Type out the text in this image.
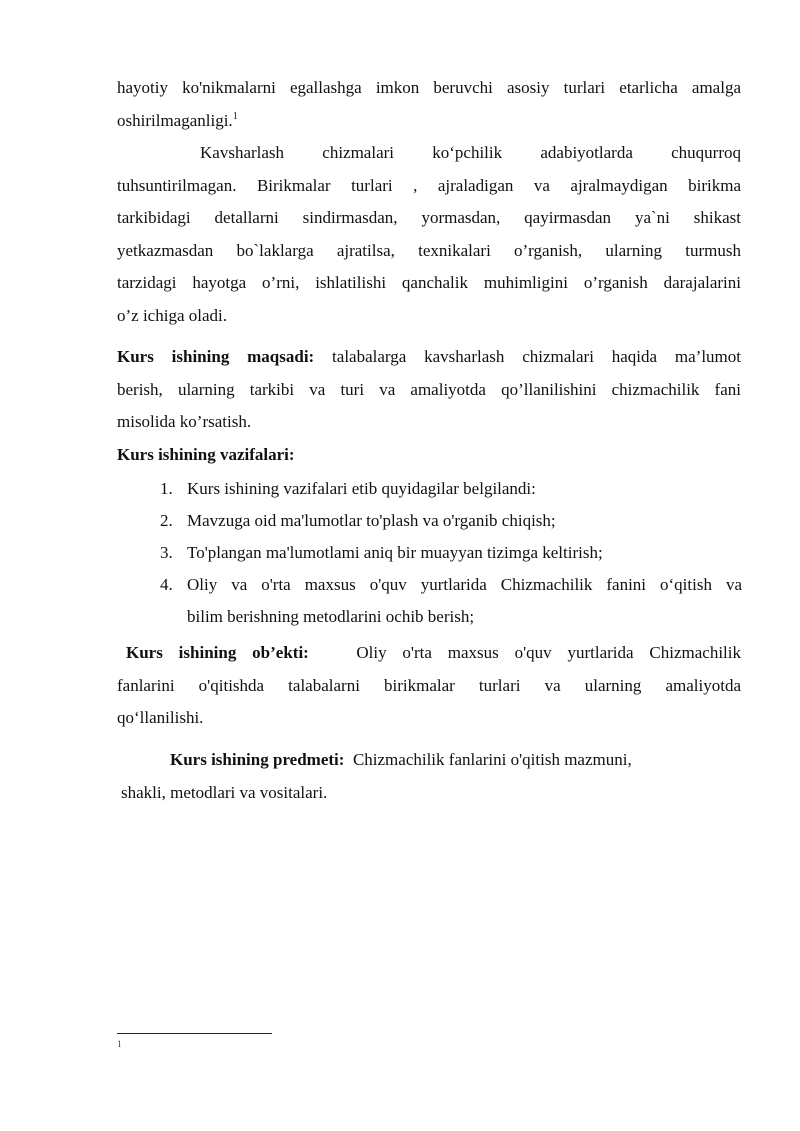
hayotiy ko'nikmalarni egallashga imkon beruvchi asosiy turlari etarlicha amalga
oshirilmaganligi.$^1$
Kavsharlash chizmalari ko‘pchilik adabiyotlarda chuqurroq
tuhsuntirilmagan. Birikmalar turlari , ajraladigan va ajralmaydigan birikma
tarkibidagi detallarni sindirmasdan, yormasdan, qayirmasdan ya`ni shikast
yetkazmasdan bo`laklarga ajratilsa, texnikalari o’rganish, ularning turmush
tarzidagi hayotga o’rni, ishlatilishi qanchalik muhimligini o’rganish darajalarini
o’z ichiga oladi.
Kurs ishining maqsadi: talabalarga kavsharlash chizmalari haqida ma’lumot
berish, ularning tarkibi va turi va amaliyotda qo’llanilishini chizmachilik fani
misolida ko’rsatish.
Kurs ishining vazifalari:
1. Kurs ishining vazifalari etib quyidagilar belgilandi:
2. Mavzuga oid ma'lumotlar to'plash va o'rganib chiqish;
3. To'plangan ma'lumotlami aniq bir muayyan tizimga keltirish;
4. Oliy va o'rta maxsus o'quv yurtlarida Chizmachilik fanini o‘qitish va
bilim berishning metodlarini ochib berish;
Kurs ishining ob’ekti:	Oliy o'rta maxsus o'quv yurtlarida Chizmachilik
fanlarini o'qitishda talabalarni birikmalar turlari va ularning amaliyotda
qo‘llanilishi.
Kurs ishining predmeti: Chizmachilik fanlarini o'qitish mazmuni,
shakli, metodlari va vositalari.
1
